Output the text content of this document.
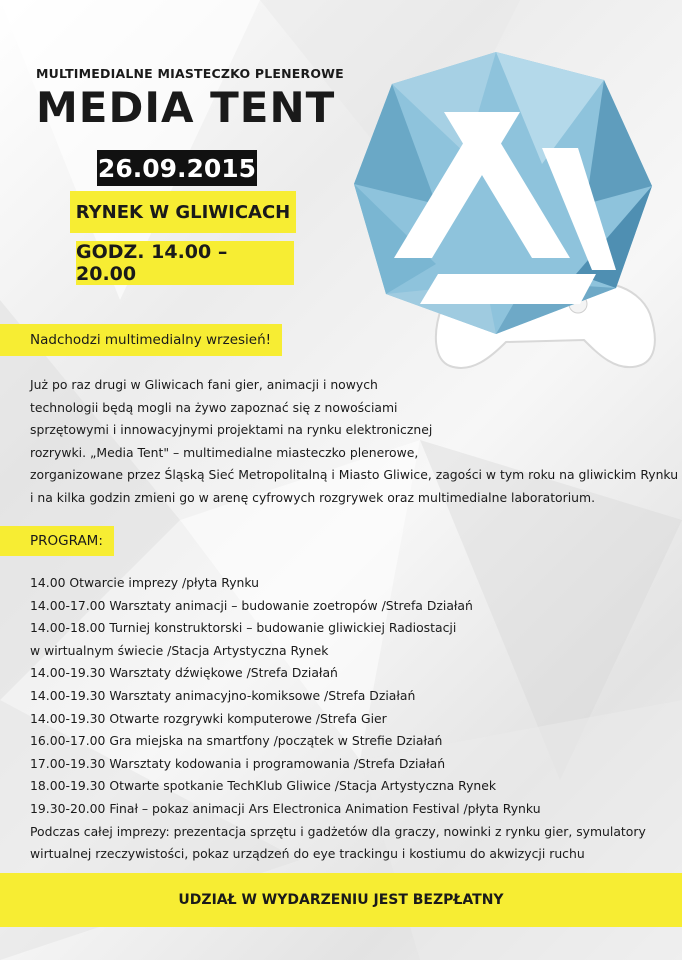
MULTIMEDIALNE MIASTECZKO PLENEROWE
MEDIA TENT
26.09.2015
RYNEK W GLIWICACH
GODZ. 14.00 – 20.00
Nadchodzi multimedialny wrzesień!
Już po raz drugi w Gliwicach fani gier, animacji i nowych
technologii będą mogli na żywo zapoznać się z nowościami
sprzętowymi i innowacyjnymi projektami na rynku elektronicznej
rozrywki. „Media Tent" – multimedialne miasteczko plenerowe,
zorganizowane przez Śląską Sieć Metropolitalną i Miasto Gliwice, zagości w tym roku na gliwickim Rynku
i na kilka godzin zmieni go w arenę cyfrowych rozgrywek oraz multimedialne laboratorium.
PROGRAM:
14.00 Otwarcie imprezy /płyta Rynku
14.00-17.00 Warsztaty animacji – budowanie zoetropów /Strefa Działań
14.00-18.00 Turniej konstruktorski – budowanie gliwickiej Radiostacji
w wirtualnym świecie /Stacja Artystyczna Rynek
14.00-19.30 Warsztaty dźwiękowe /Strefa Działań
14.00-19.30 Warsztaty animacyjno-komiksowe /Strefa Działań
14.00-19.30 Otwarte rozgrywki komputerowe /Strefa Gier
16.00-17.00 Gra miejska na smartfony /początek w Strefie Działań
17.00-19.30 Warsztaty kodowania i programowania /Strefa Działań
18.00-19.30 Otwarte spotkanie TechKlub Gliwice /Stacja Artystyczna Rynek
19.30-20.00 Finał – pokaz animacji Ars Electronica Animation Festival /płyta Rynku
Podczas całej imprezy: prezentacja sprzętu i gadżetów dla graczy, nowinki z rynku gier, symulatory
wirtualnej rzeczywistości, pokaz urządzeń do eye trackingu i kostiumu do akwizycji ruchu
UDZIAŁ W WYDARZENIU JEST BEZPŁATNY
